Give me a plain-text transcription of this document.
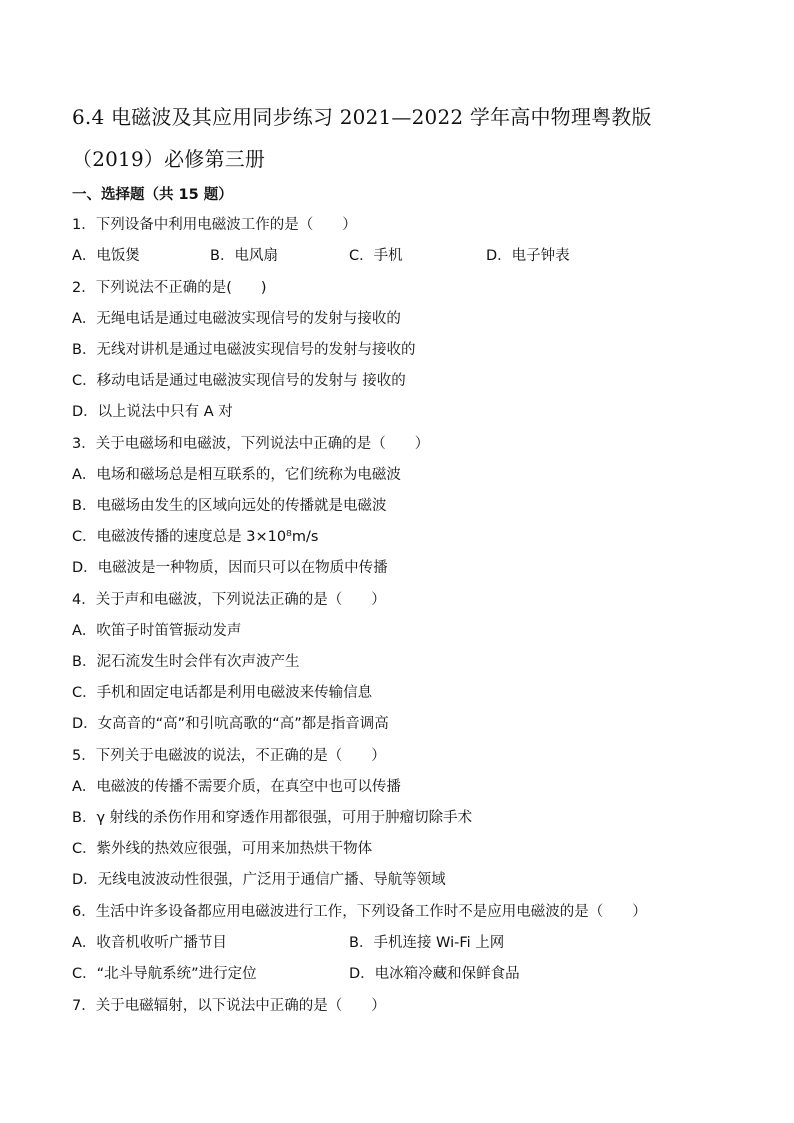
6.4 电磁波及其应用同步练习 2021—2022 学年高中物理粤教版
（2019）必修第三册
一、选择题（共 15 题）
1．下列设备中利用电磁波工作的是（　　）
A．电饭煲	B．电风扇	C．手机	D．电子钟表
2．下列说法不正确的是(　　)
A．无绳电话是通过电磁波实现信号的发射与接收的
B．无线对讲机是通过电磁波实现信号的发射与接收的
C．移动电话是通过电磁波实现信号的发射与 接收的
D．以上说法中只有 A 对
3．关于电磁场和电磁波，下列说法中正确的是（　　）
A．电场和磁场总是相互联系的，它们统称为电磁波
B．电磁场由发生的区域向远处的传播就是电磁波
C．电磁波传播的速度总是 3×10⁸m/s
D．电磁波是一种物质，因而只可以在物质中传播
4．关于声和电磁波，下列说法正确的是（　　）
A．吹笛子时笛管振动发声
B．泥石流发生时会伴有次声波产生
C．手机和固定电话都是利用电磁波来传输信息
D．女高音的“高”和引吭高歌的“高”都是指音调高
5．下列关于电磁波的说法，不正确的是（　　）
A．电磁波的传播不需要介质，在真空中也可以传播
B．γ 射线的杀伤作用和穿透作用都很强，可用于肿瘤切除手术
C．紫外线的热效应很强，可用来加热烘干物体
D．无线电波波动性很强，广泛用于通信广播、导航等领域
6．生活中许多设备都应用电磁波进行工作，下列设备工作时不是应用电磁波的是（　　）
A．收音机收听广播节目	B．手机连接 Wi-Fi 上网
C．“北斗导航系统”进行定位	D．电冰箱冷藏和保鲜食品
7．关于电磁辐射，以下说法中正确的是（　　）
